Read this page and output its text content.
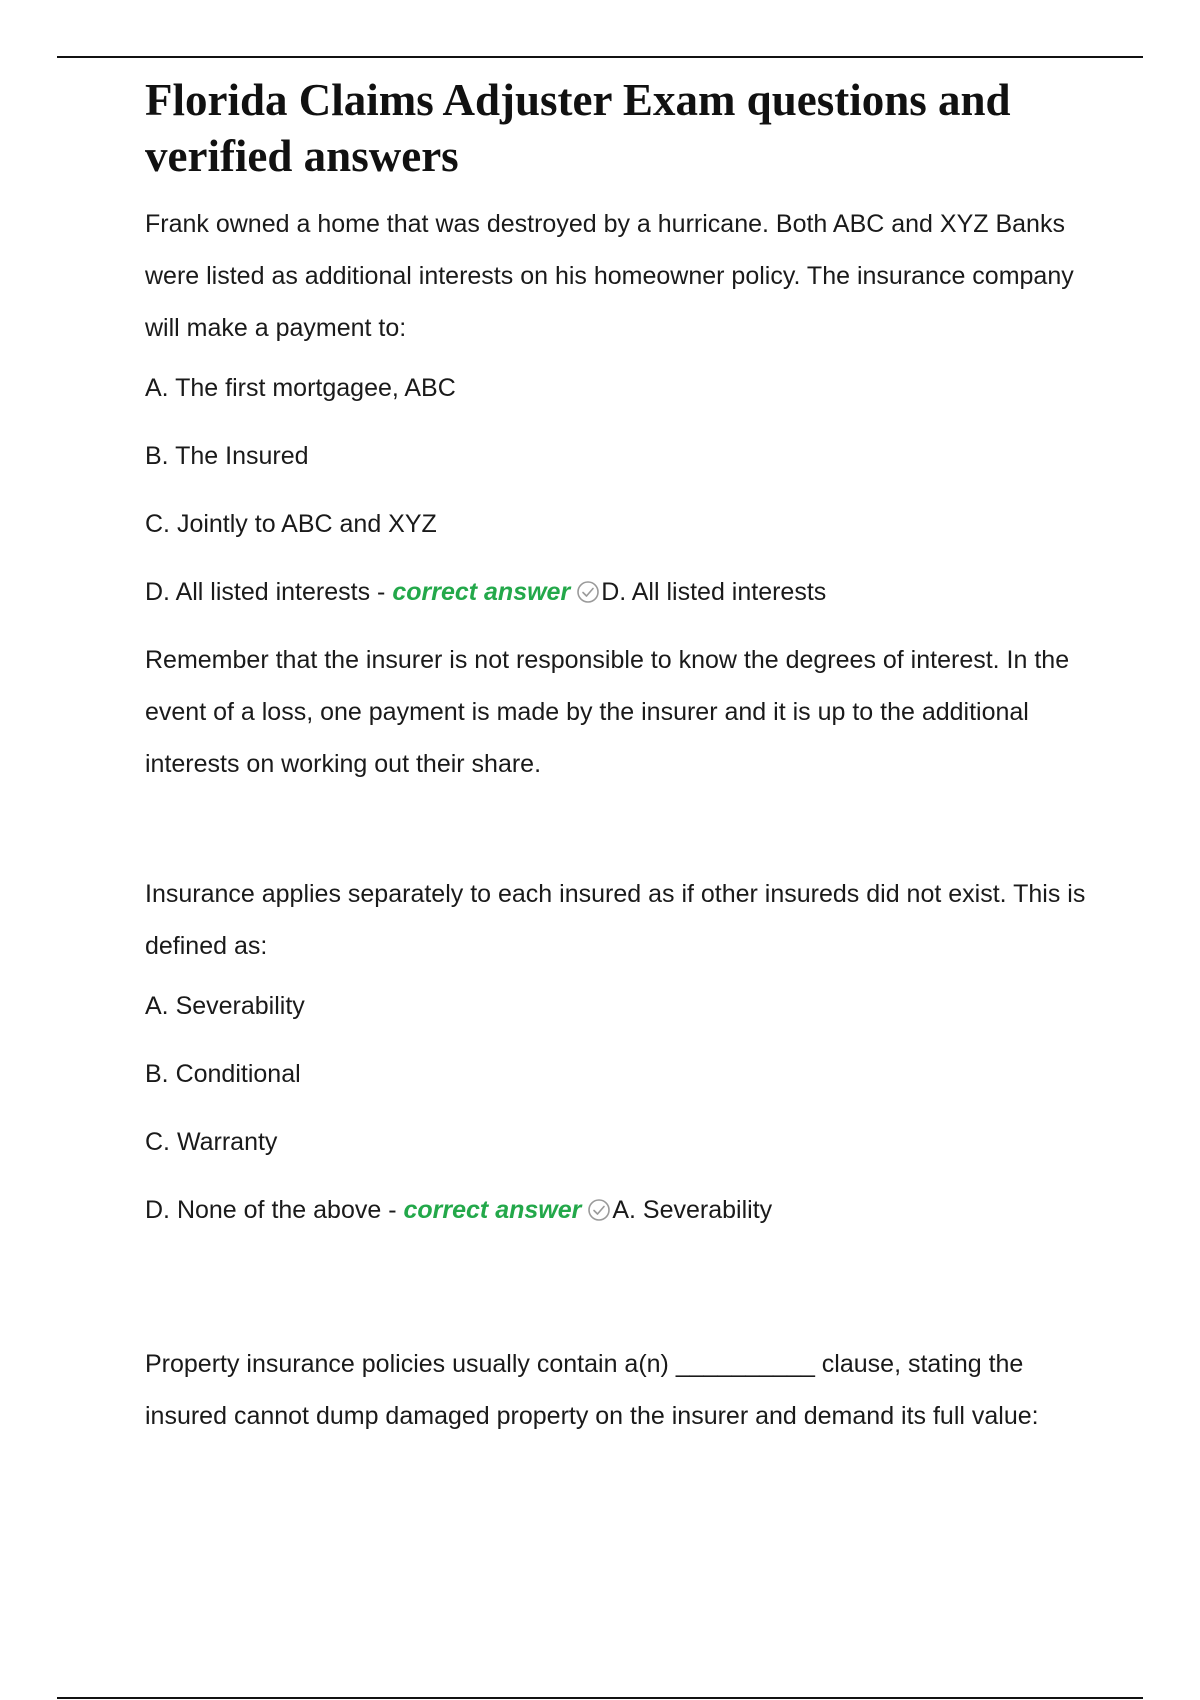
Florida Claims Adjuster Exam questions and verified answers

Frank owned a home that was destroyed by a hurricane. Both ABC and XYZ Banks were listed as additional interests on his homeowner policy. The insurance company will make a payment to:

A. The first mortgagee, ABC

B. The Insured

C. Jointly to ABC and XYZ

D. All listed interests - correct answer D. All listed interests

Remember that the insurer is not responsible to know the degrees of interest. In the event of a loss, one payment is made by the insurer and it is up to the additional interests on working out their share.

Insurance applies separately to each insured as if other insureds did not exist. This is defined as:

A. Severability

B. Conditional

C. Warranty

D. None of the above - correct answer A. Severability

Property insurance policies usually contain a(n) __________ clause, stating the insured cannot dump damaged property on the insurer and demand its full value:
